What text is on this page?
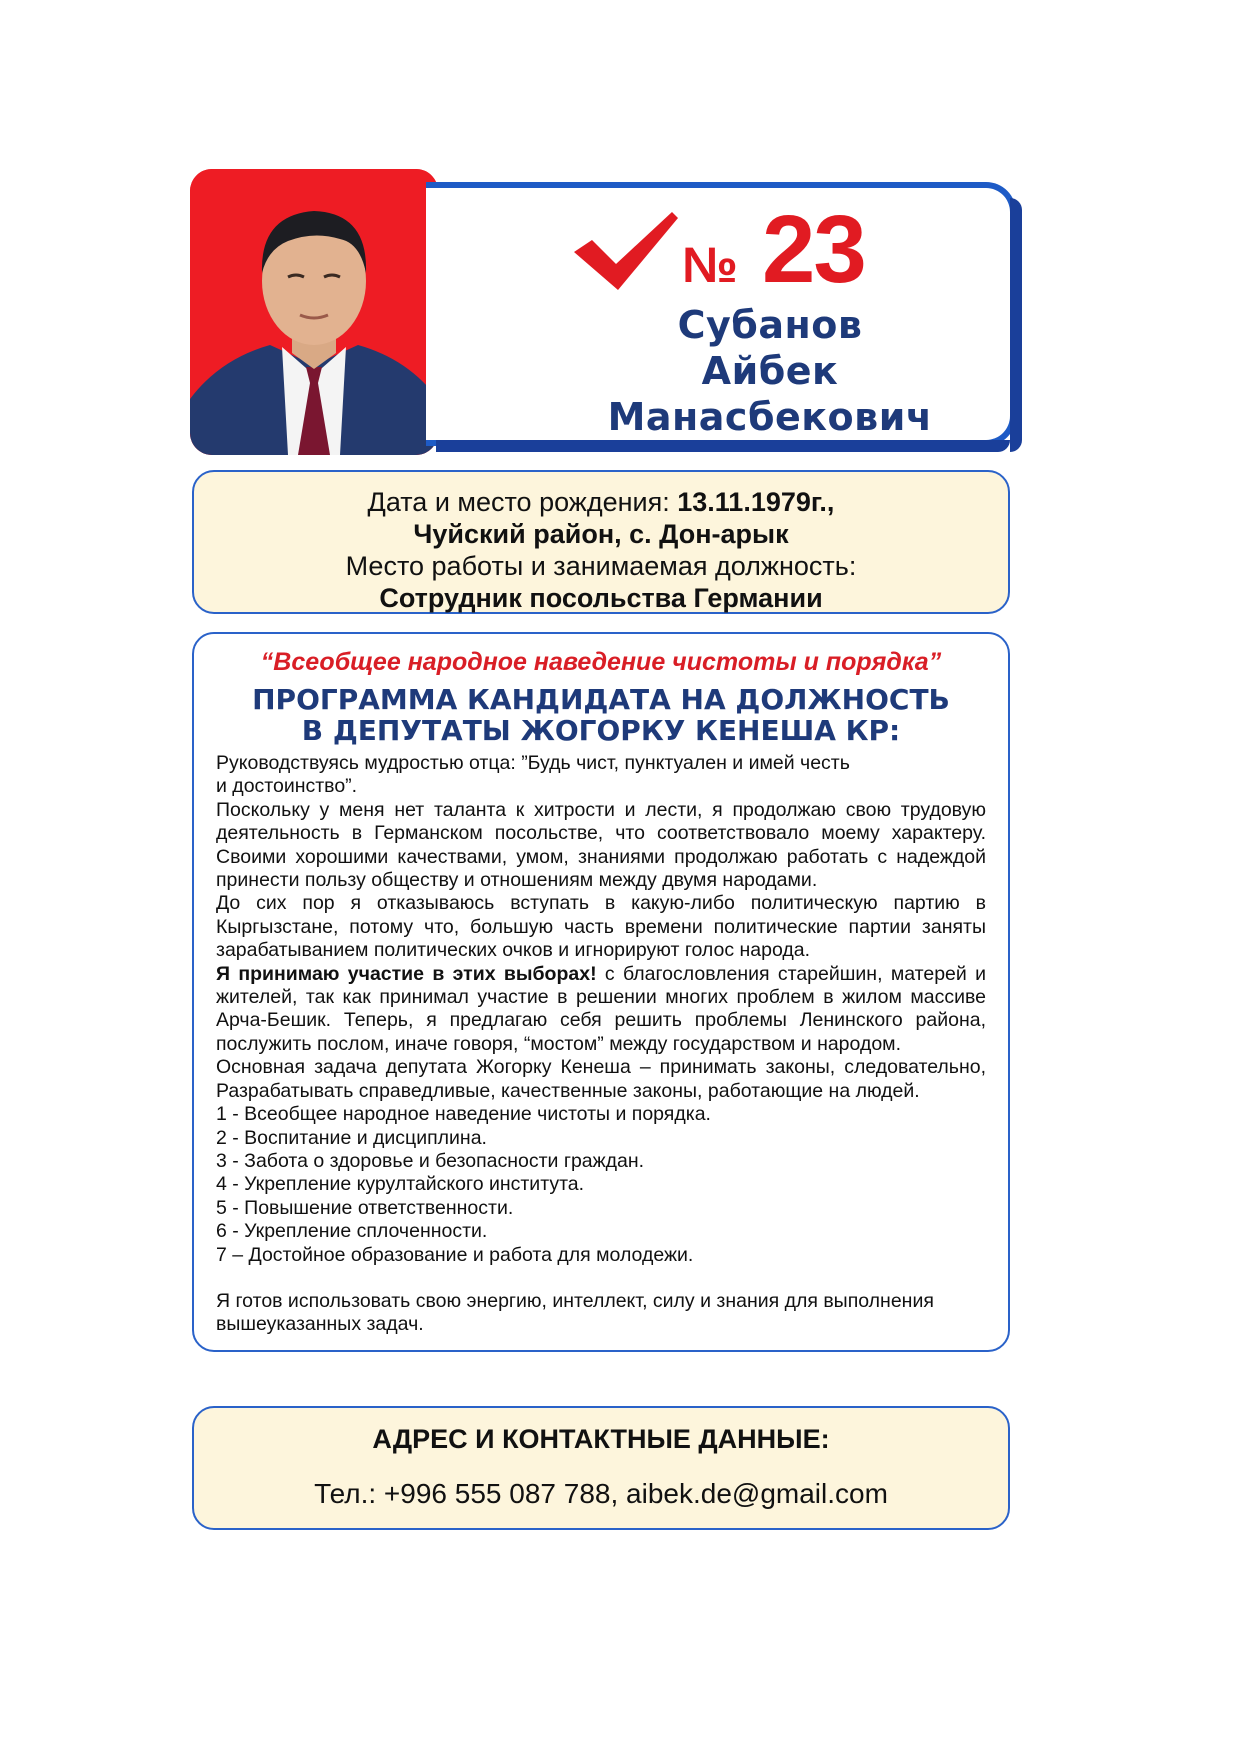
№ 23
Субанов
Айбек
Манасбекович
Дата и место рождения: 13.11.1979г.,
Чуйский район, с. Дон-арык
Место работы и занимаемая должность:
Сотрудник посольства Германии
“Всеобщее народное наведение чистоты и порядка”
ПРОГРАММА КАНДИДАТА НА ДОЛЖНОСТЬ
В ДЕПУТАТЫ ЖОГОРКУ КЕНЕША КР:

Руководствуясь мудростью отца: ”Будь чист, пунктуален и имей честь и достоинство”.

Поскольку у меня нет таланта к хитрости и лести, я продолжаю свою трудовую деятельность в Германском посольстве, что соответствовало моему характеру. Своими хорошими качествами, умом, знаниями продолжаю работать с надеждой принести пользу обществу и отношениям между двумя народами.

До сих пор я отказываюсь вступать в какую-либо политическую партию в Кыргызстане, потому что, большую часть времени политические партии заняты зарабатыванием политических очков и игнорируют голос народа.

Я принимаю участие в этих выборах! с благословления старейшин, матерей и жителей, так как принимал участие в решении многих проблем в жилом массиве Арча-Бешик. Теперь, я предлагаю себя решить проблемы Ленинского района, послужить послом, иначе говоря, “мостом” между государством и народом.

Основная задача депутата Жогорку Кенеша – принимать законы, следовательно, Разрабатывать справедливые, качественные законы, работающие на людей.

1 - Всеобщее народное наведение чистоты и порядка.

2 - Воспитание и дисциплина.

3 - Забота о здоровье и безопасности граждан.

4 - Укрепление курултайского института.

5 - Повышение ответственности.

6 - Укрепление сплоченности.

7 – Достойное образование и работа для молодежи.

Я готов использовать свою энергию, интеллект, силу и знания для выполнения вышеуказанных задач.

АДРЕС И КОНТАКТНЫЕ ДАННЫЕ:
Тел.: +996 555 087 788, aibek.de@gmail.com
